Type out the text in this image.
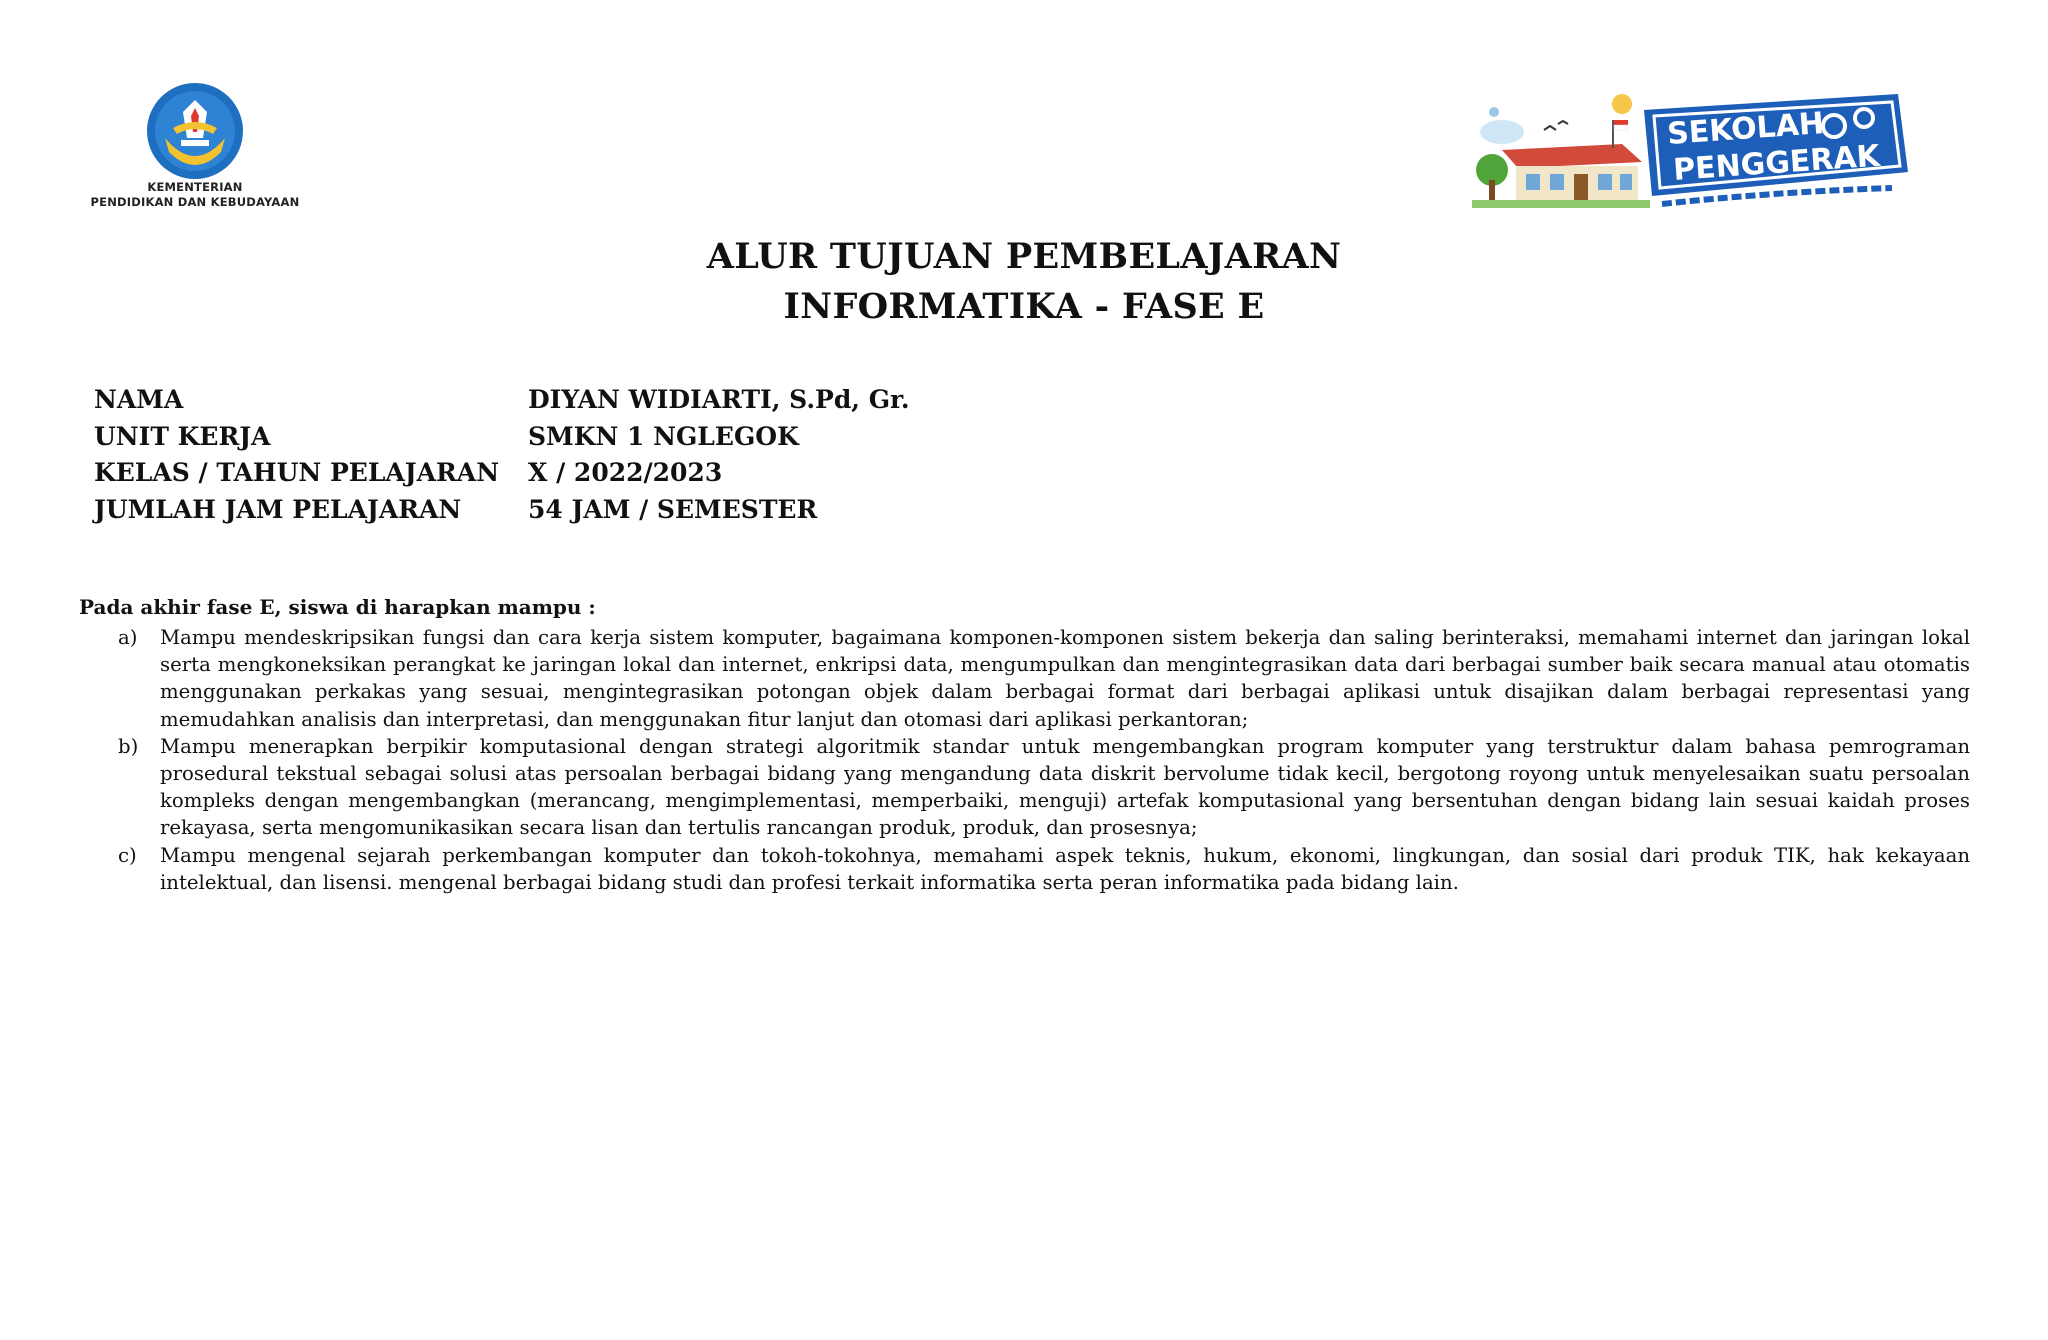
KEMENTERIAN
PENDIDIKAN DAN KEBUDAYAAN
SEKOLAH
PENGGERAK
ALUR TUJUAN PEMBELAJARAN
INFORMATIKA - FASE E
NAMA	DIYAN WIDIARTI, S.Pd, Gr.
UNIT KERJA	SMKN 1 NGLEGOK
KELAS / TAHUN PELAJARAN	X / 2022/2023
JUMLAH JAM PELAJARAN	54 JAM / SEMESTER
Pada akhir fase E, siswa di harapkan mampu :
a)	Mampu mendeskripsikan fungsi dan cara kerja sistem komputer, bagaimana komponen-komponen sistem bekerja dan saling berinteraksi, memahami internet dan jaringan lokal serta mengkoneksikan perangkat ke jaringan lokal dan internet, enkripsi data, mengumpulkan dan mengintegrasikan data dari berbagai sumber baik secara manual atau otomatis menggunakan perkakas yang sesuai, mengintegrasikan potongan objek dalam berbagai format dari berbagai aplikasi untuk disajikan dalam berbagai representasi yang memudahkan analisis dan interpretasi, dan menggunakan fitur lanjut dan otomasi dari aplikasi perkantoran;
b)	Mampu menerapkan berpikir komputasional dengan strategi algoritmik standar untuk mengembangkan program komputer yang terstruktur dalam bahasa pemrograman prosedural tekstual sebagai solusi atas persoalan berbagai bidang yang mengandung data diskrit bervolume tidak kecil, bergotong royong untuk menyelesaikan suatu persoalan kompleks dengan mengembangkan (merancang, mengimplementasi, memperbaiki, menguji) artefak komputasional yang bersentuhan dengan bidang lain sesuai kaidah proses rekayasa, serta mengomunikasikan secara lisan dan tertulis rancangan produk, produk, dan prosesnya;
c)	Mampu mengenal sejarah perkembangan komputer dan tokoh-tokohnya, memahami aspek teknis, hukum, ekonomi, lingkungan, dan sosial dari produk TIK, hak kekayaan intelektual, dan lisensi. mengenal berbagai bidang studi dan profesi terkait informatika serta peran informatika pada bidang lain.
